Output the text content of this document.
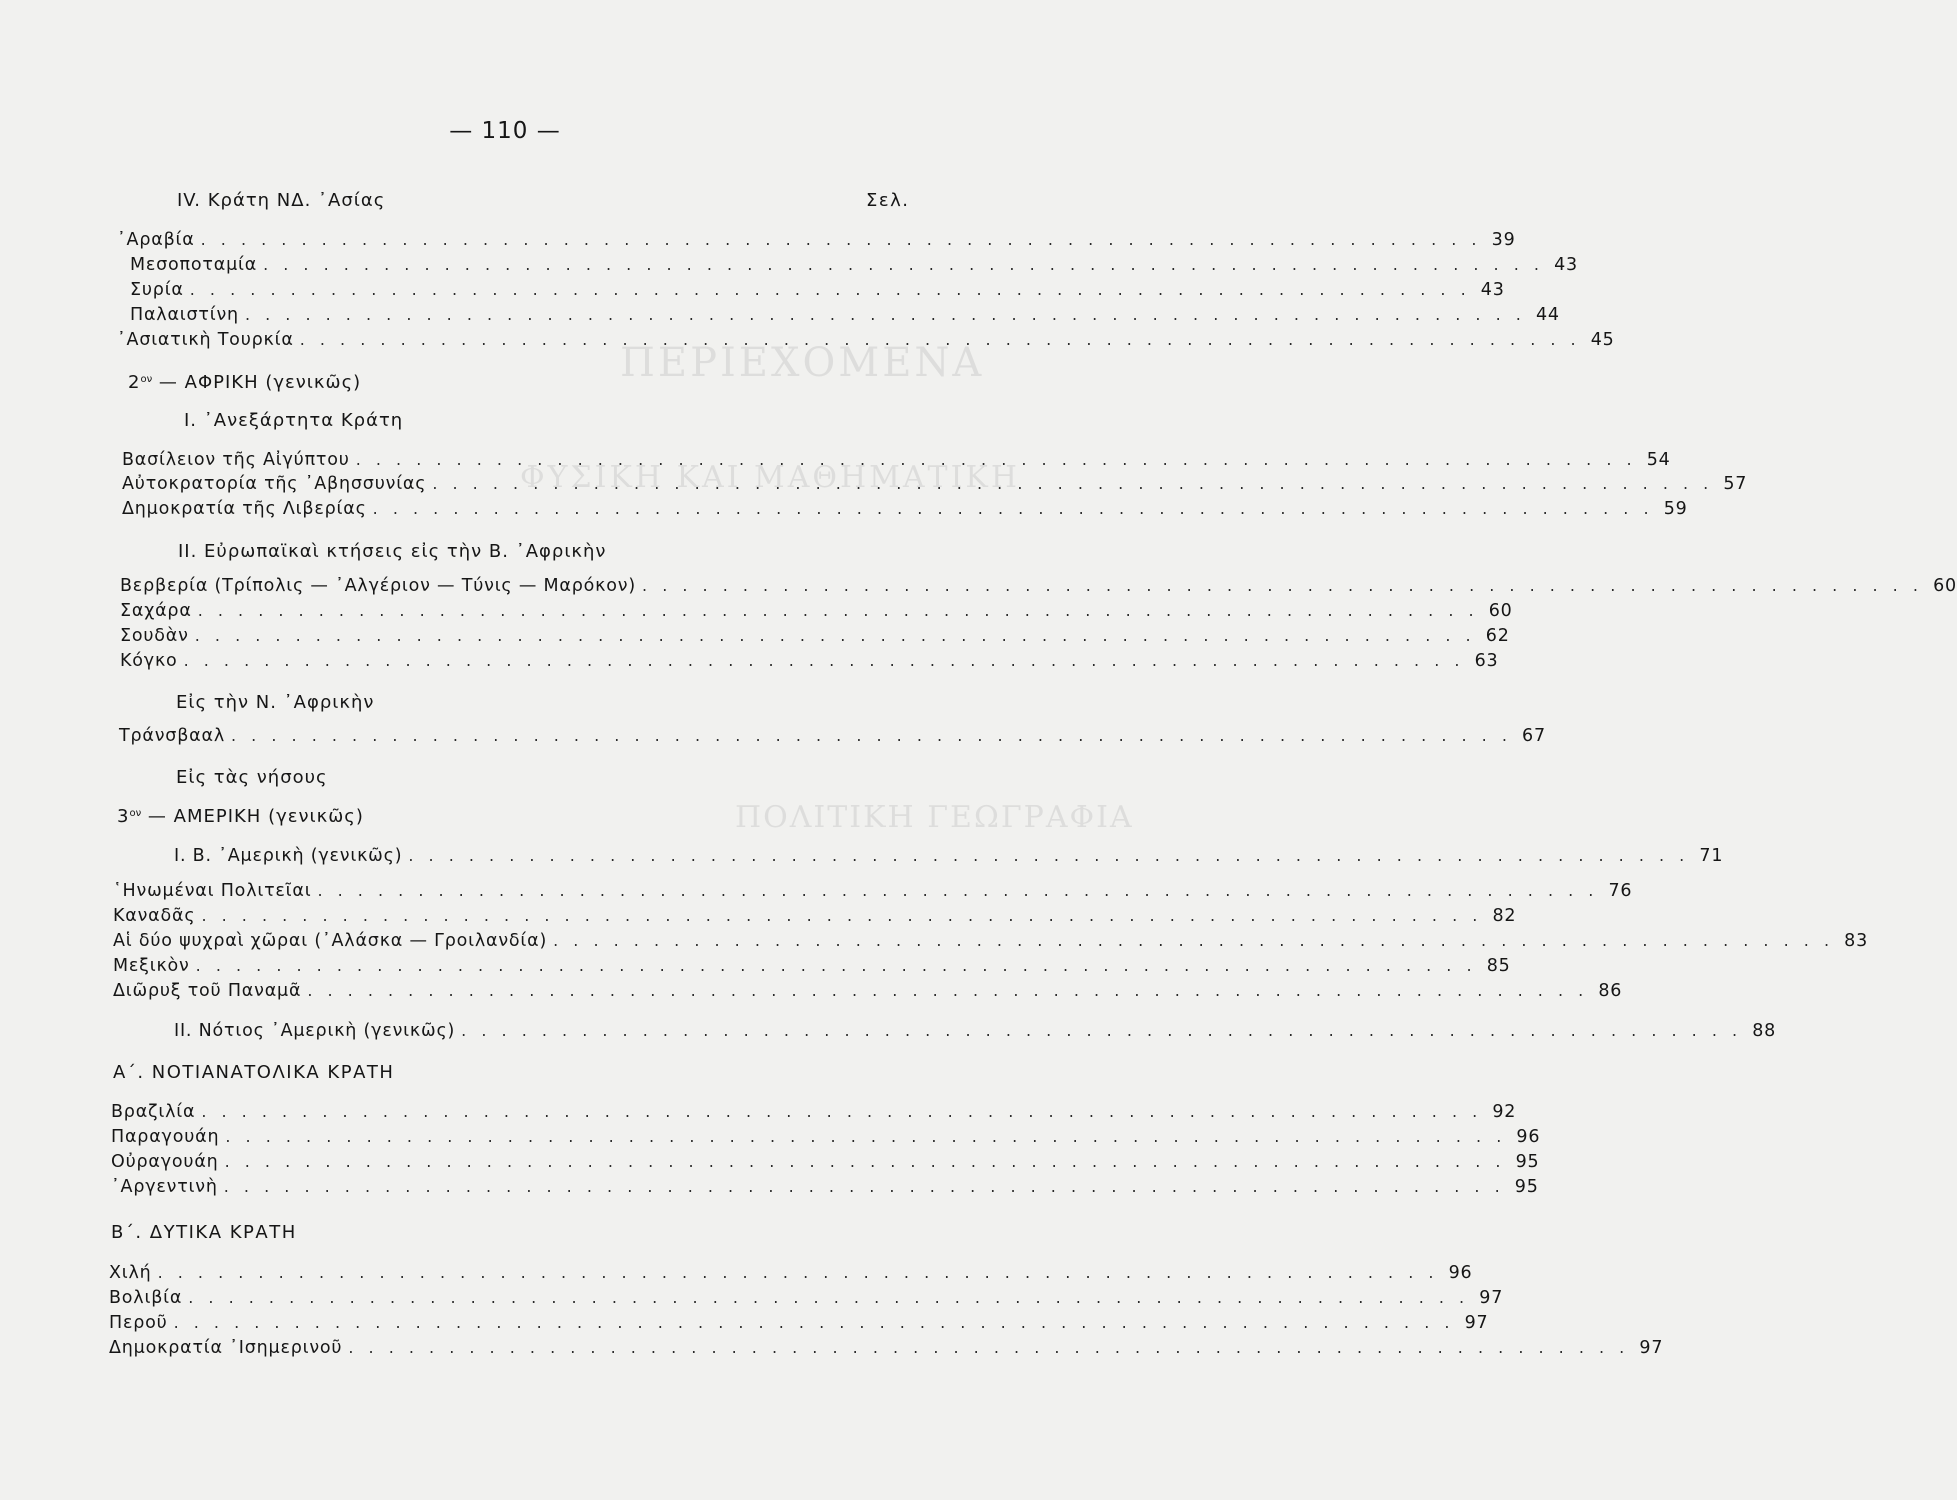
ΠΕΡΙΕΧΟΜΕΝΑ
ΦΥΣΙΚΗ ΚΑΙ ΜΑΘΗΜΑΤΙΚΗ
ΠΟΛΙΤΙΚΗ ΓΕΩΓΡΑΦΙΑ
— 110 —
IV. Κράτη ΝΔ. ᾿Ασίας	Σελ.
᾿Αραβία . . .	39
Μεσοποταμία . . .	43
Συρία . . .	43
Παλαιστίνη . . .	44
᾿Ασιατικὴ Τουρκία . . .	45
$2^{o\nu}$ — ΑΦΡΙΚΗ (γενικῶς)
I. ᾿Ανεξάρτητα Κράτη
Βασίλειον τῆς Αἰγύπτου . . .	54
Αὐτοκρατορία τῆς ᾿Αβησσυνίας . . .	57
Δημοκρατία τῆς Λιβερίας . . .	59
II. Εὐρωπαϊκαὶ κτήσεις εἰς τὴν Β. ᾿Αφρικὴν
Βερβερία (Τρίπολις — ᾿Αλγέριον — Τύνις — Μαρόκον) . . .	60
Σαχάρα . . .	60
Σουδὰν . . .	62
Κόγκο . . .	63
Εἰς τὴν Ν. ᾿Αφρικὴν
Τράνσβααλ . . .	67
Εἰς τὰς νήσους
$3^{o\nu}$ — ΑΜΕΡΙΚΗ (γενικῶς)
I. Β. ᾿Αμερικὴ (γενικῶς) . . .	71
῾Ηνωμέναι Πολιτεῖαι . . .	76
Καναδᾶς . . .	82
Αἱ δύο ψυχραὶ χῶραι (᾿Αλάσκα — Γροιλανδία) . . .	83
Μεξικὸν . . .	85
Διῶρυξ τοῦ Παναμᾶ . . .	86
II. Νότιος ᾿Αμερικὴ (γενικῶς) . . .	88
Α΄. ΝΟΤΙΑΝΑΤΟΛΙΚΑ ΚΡΑΤΗ
Βραζιλία . . .	92
Παραγουάη . . .	96
Οὐραγουάη . . .	95
᾿Αργεντινὴ . . .	95
Β΄. ΔΥΤΙΚΑ ΚΡΑΤΗ
Χιλή . . .	96
Βολιβία . . .	97
Περοῦ . . .	97
Δημοκρατία ᾿Ισημερινοῦ . . .	97
